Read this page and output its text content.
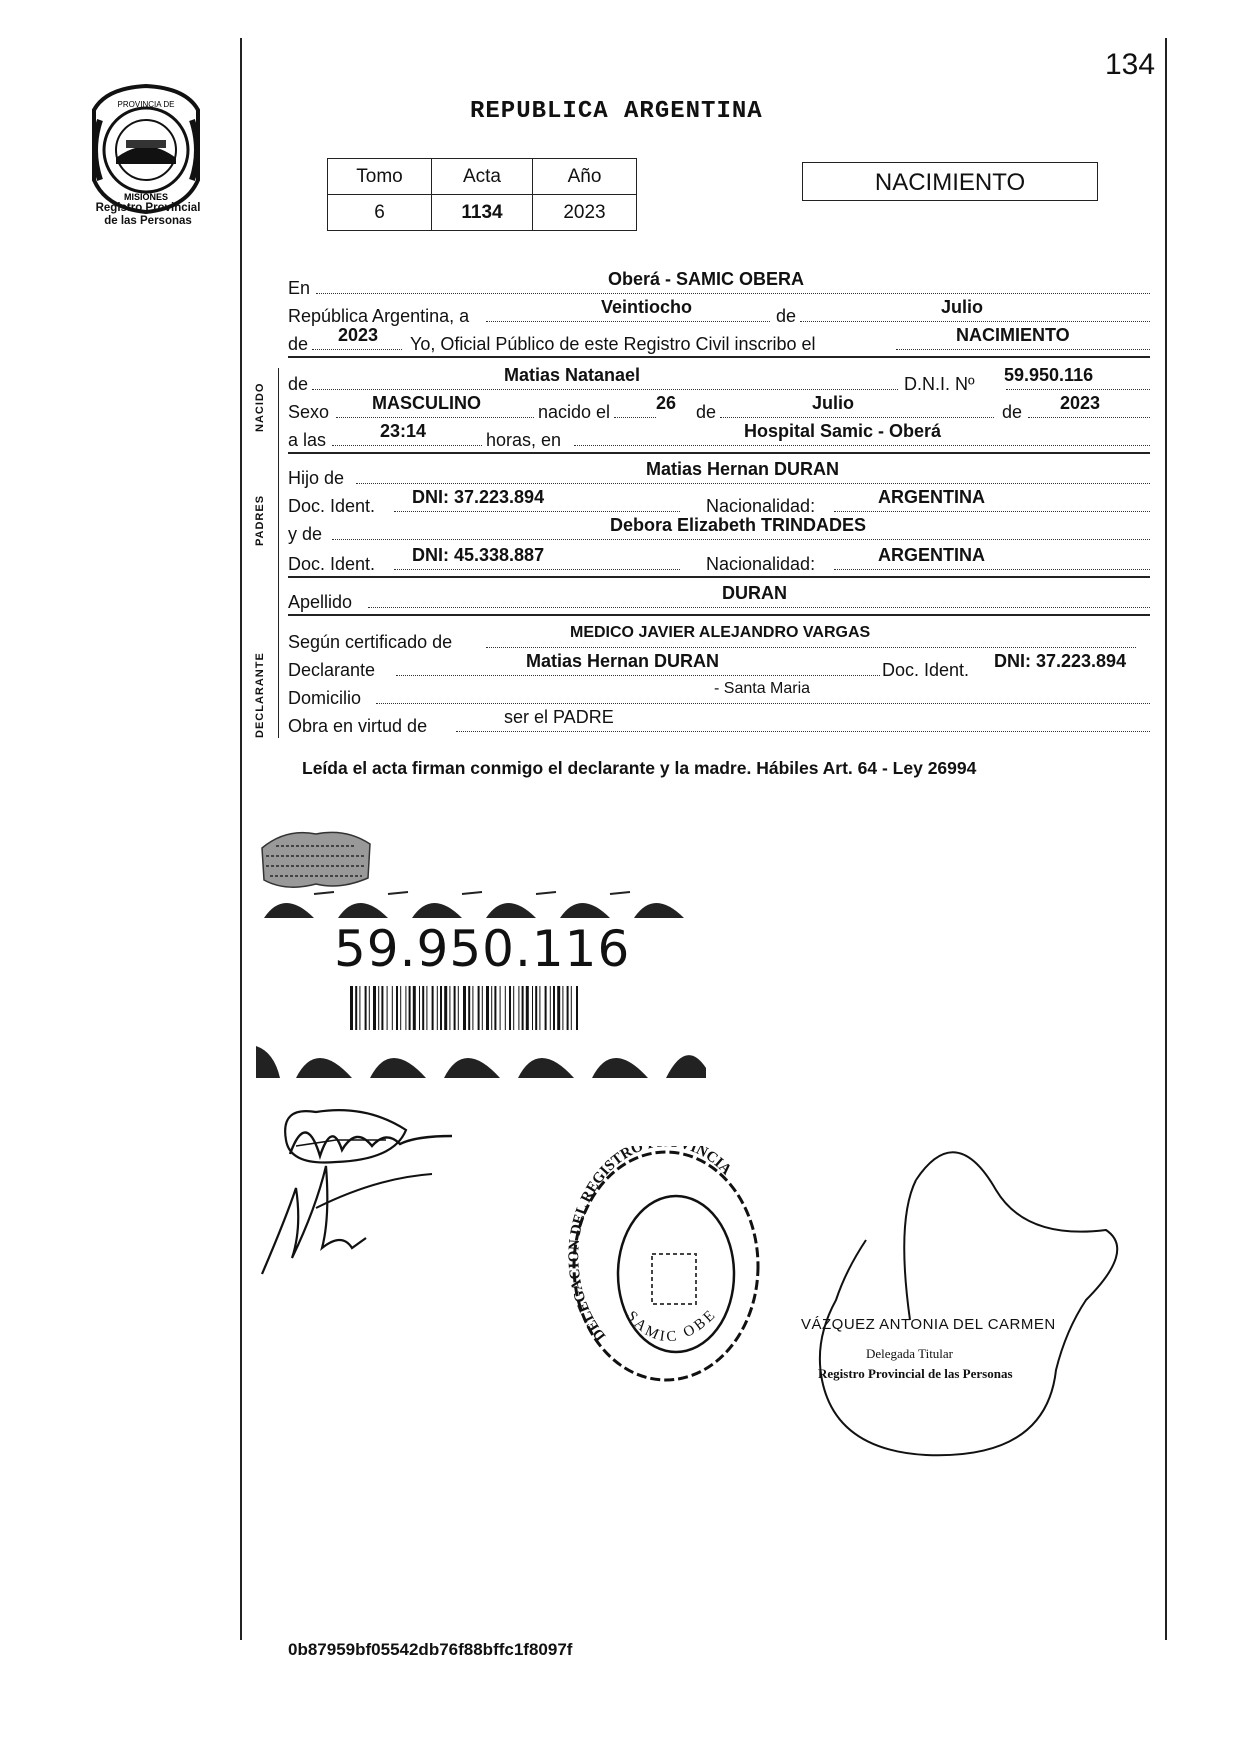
PROVINCIA DE
MISIONES
Registro Provincial
de las Personas
134
REPUBLICA ARGENTINA
Tomo	Acta	Año
6	1134	2023
NACIMIENTO
En	Oberá - SAMIC OBERA
República Argentina, a	Veintiocho	de	Julio
de 2023 Yo, Oficial Público de este Registro Civil inscribo el	NACIMIENTO
NACIDO de	Matias Natanael	D.N.I. Nº 59.950.116
Sexo MASCULINO	nacido el	26 de	Julio	de 2023
a las	23:14	horas, en	Hospital Samic - Oberá
PADRES
Hijo de	Matias Hernan DURAN
Doc. Ident. DNI: 37.223.894	Nacionalidad:	ARGENTINA
y de	Debora Elizabeth TRINDADES
Doc. Ident. DNI: 45.338.887	Nacionalidad:	ARGENTINA
Apellido	DURAN
DECLARANTE
Según certificado de	MEDICO JAVIER ALEJANDRO VARGAS
Declarante	Matias Hernan DURAN	Doc. Ident. DNI: 37.223.894
Domicilio	- Santa Maria
Obra en virtud de	ser el PADRE
Leída el acta firman conmigo el declarante y la madre. Hábiles Art. 64 - Ley 26994
59.950.116
DELEGACION DEL REGISTRO INCIA
SAMIC OBE	VÁZQUEZ ANTONIA DEL CARMEN
Delegada Titular
Registro Provincial de las Personas
0b87959bf05542db76f88bffc1f8097f
